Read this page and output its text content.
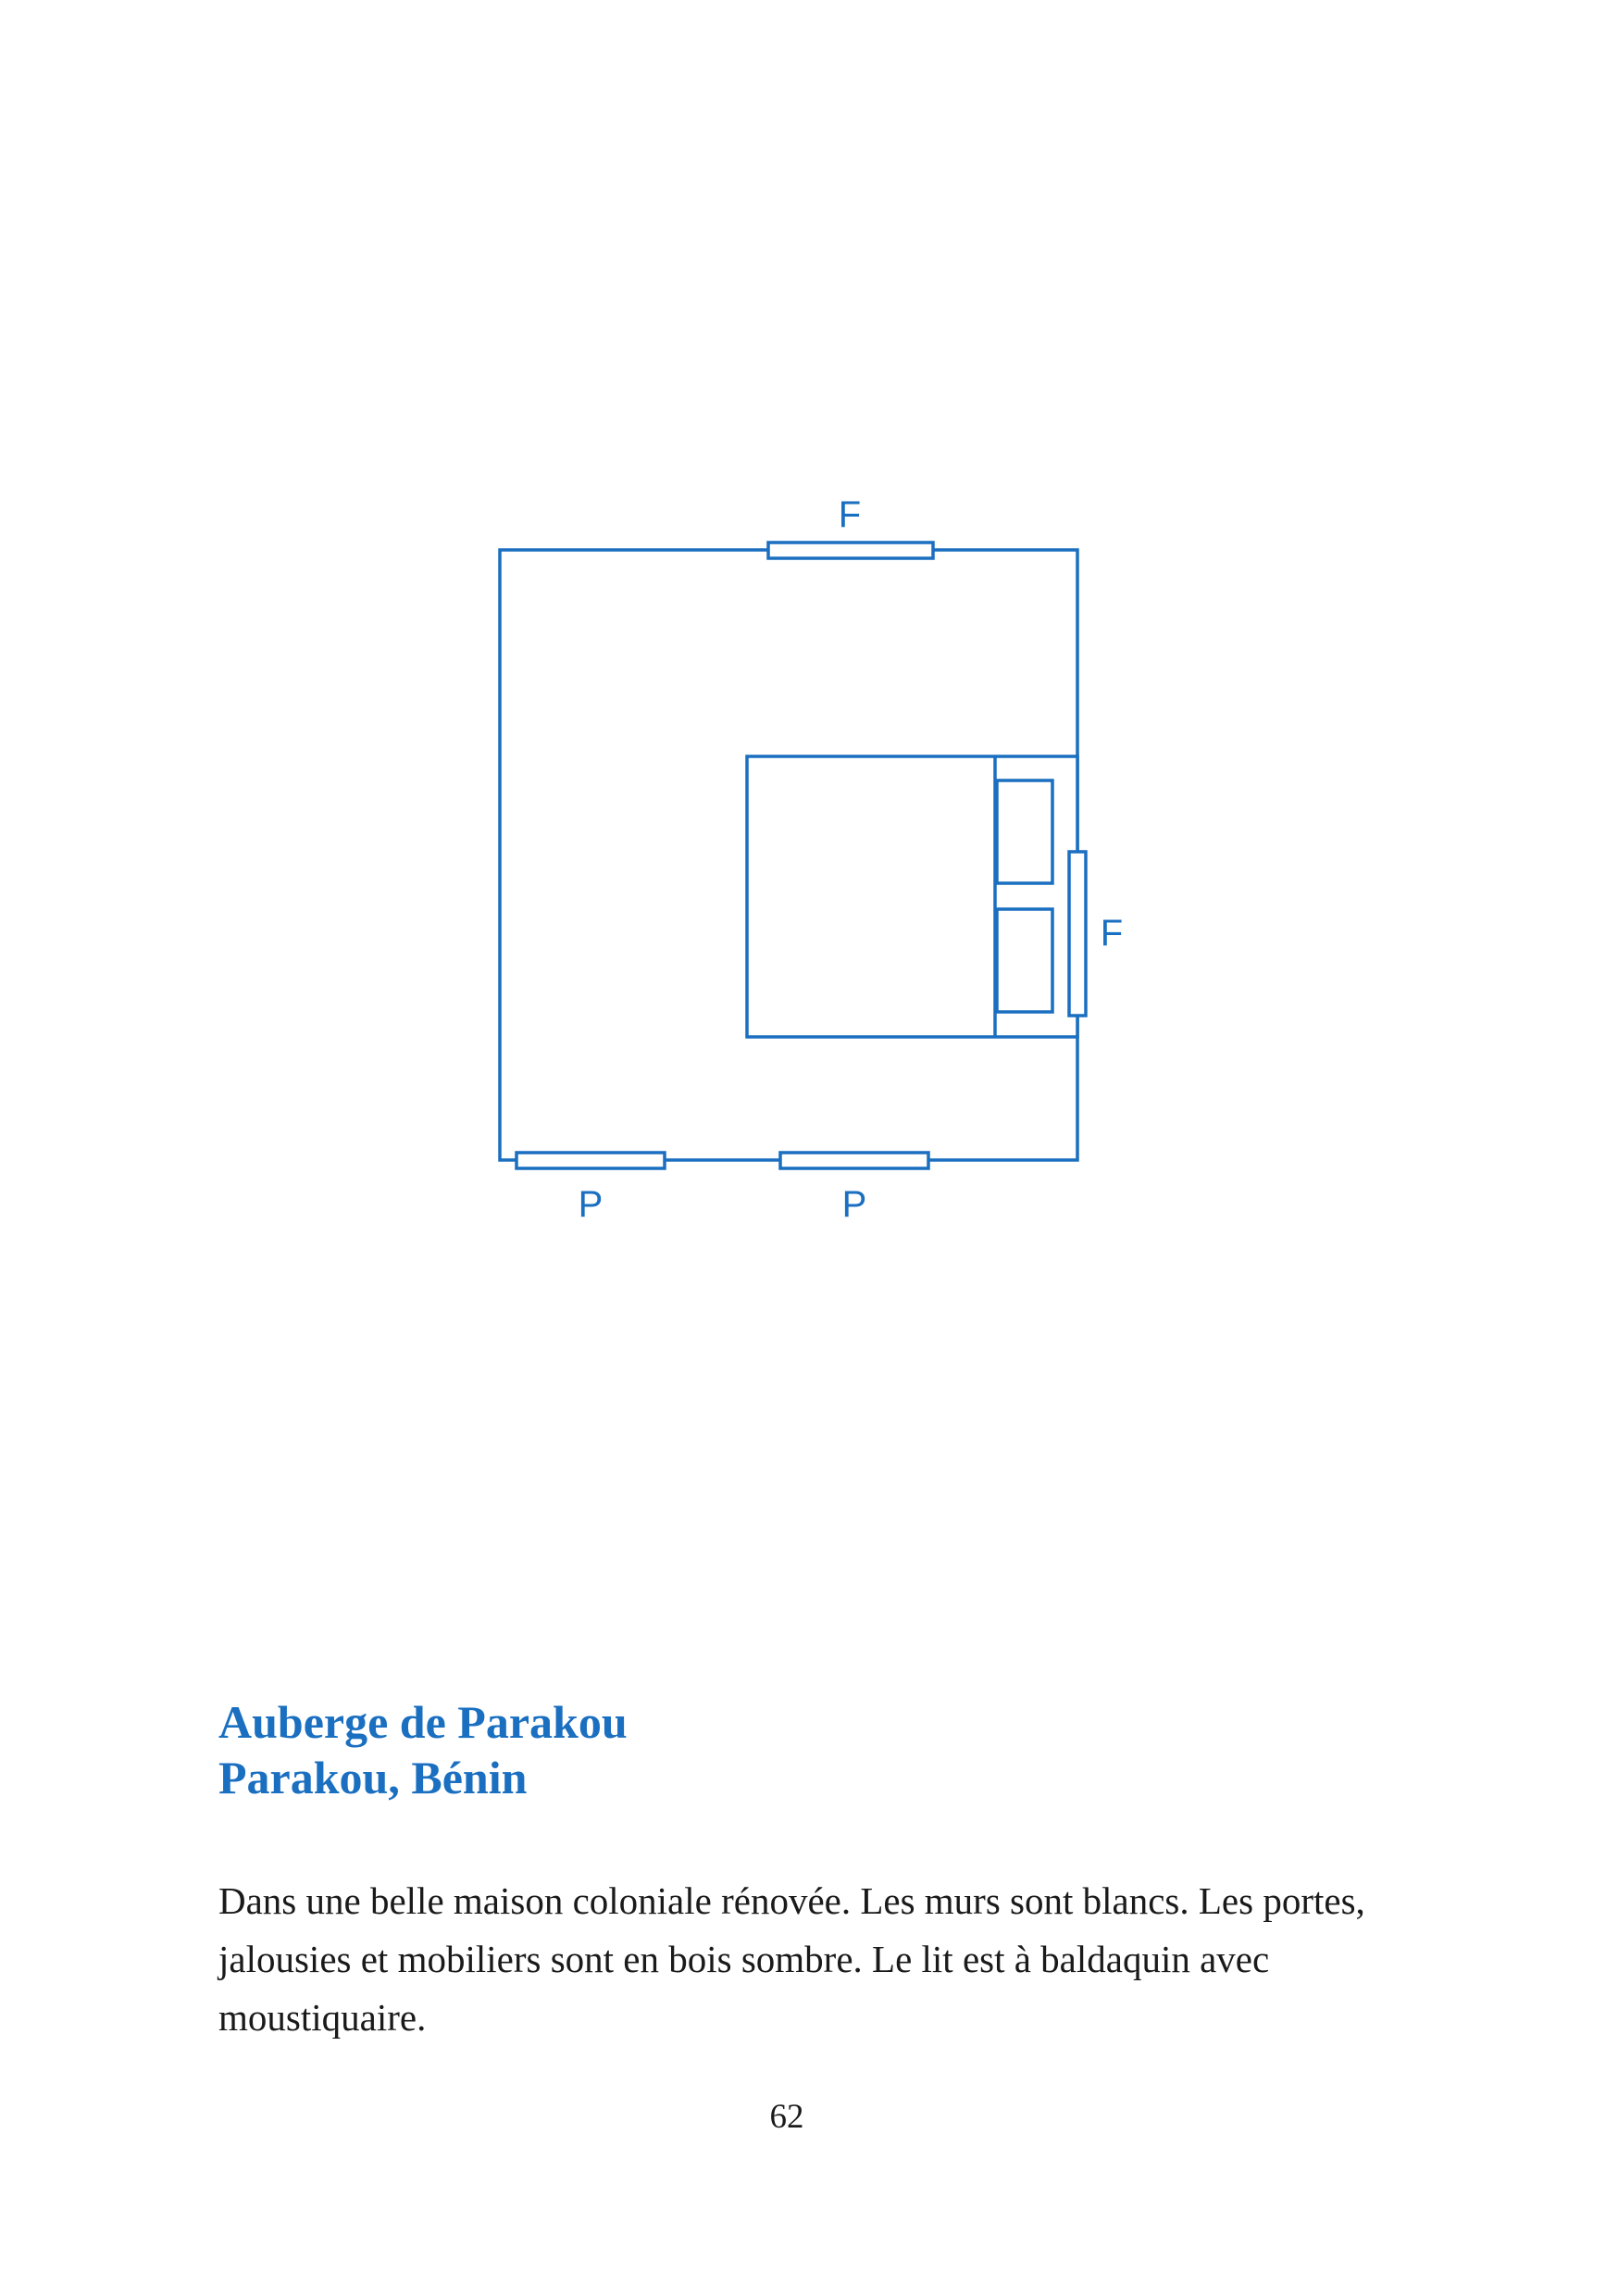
F
F
P	P
Auberge de Parakou
Parakou, Bénin

Dans une belle maison coloniale rénovée. Les murs sont blancs. Les portes, jalousies et mobiliers sont en bois sombre. Le lit est à baldaquin avec moustiquaire.

62
